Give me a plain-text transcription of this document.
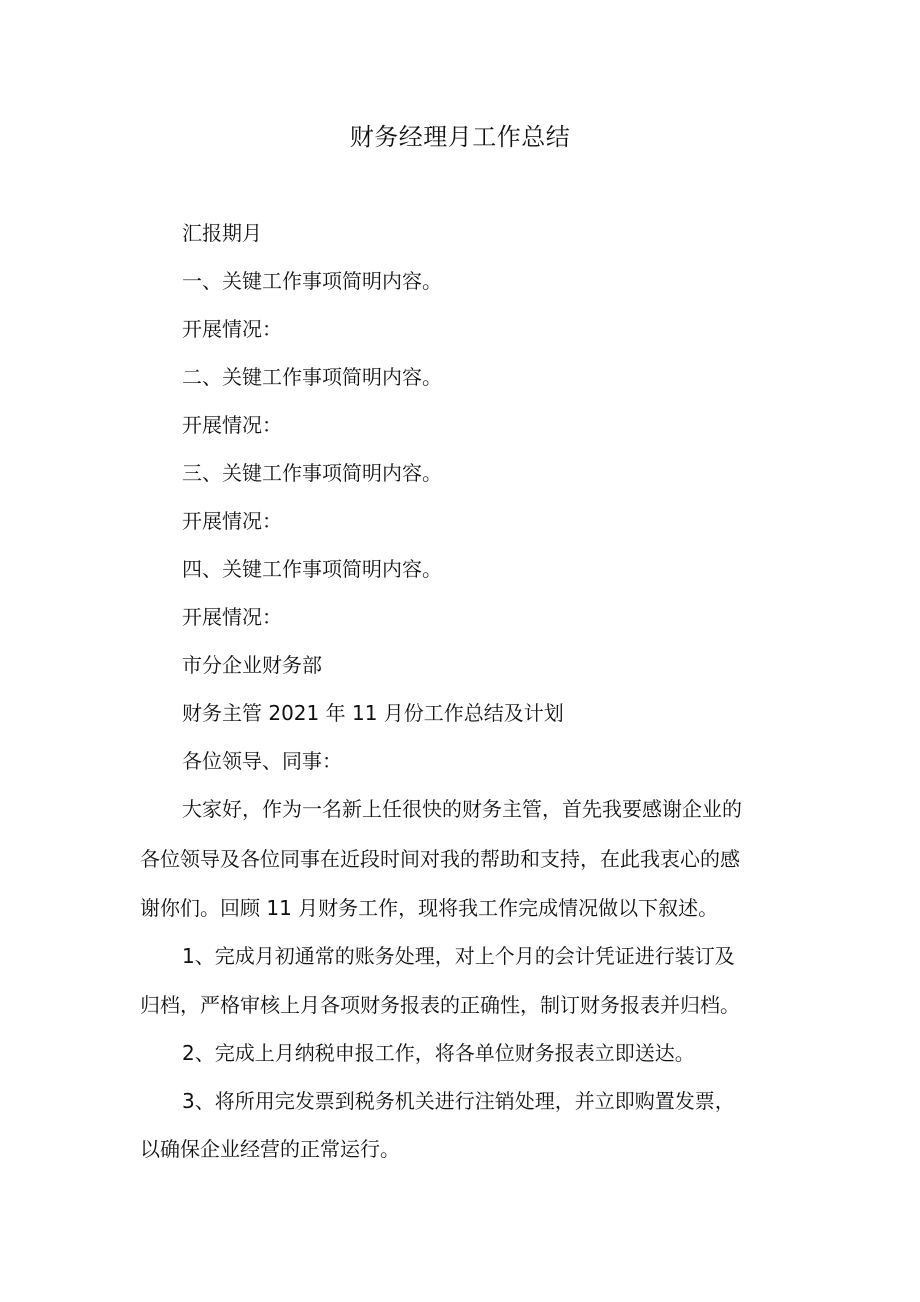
财务经理月工作总结
汇报期月
一、关键工作事项简明内容。
开展情况：
二、关键工作事项简明内容。
开展情况：
三、关键工作事项简明内容。
开展情况：
四、关键工作事项简明内容。
开展情况：
市分企业财务部
财务主管 2021 年 11 月份工作总结及计划
各位领导、同事：
大家好，作为一名新上任很快的财务主管，首先我要感谢企业的
各位领导及各位同事在近段时间对我的帮助和支持，在此我衷心的感
谢你们。回顾 11 月财务工作，现将我工作完成情况做以下叙述。
1、完成月初通常的账务处理，对上个月的会计凭证进行装订及
归档，严格审核上月各项财务报表的正确性，制订财务报表并归档。
2、完成上月纳税申报工作，将各单位财务报表立即送达。
3、将所用完发票到税务机关进行注销处理，并立即购置发票，
以确保企业经营的正常运行。
